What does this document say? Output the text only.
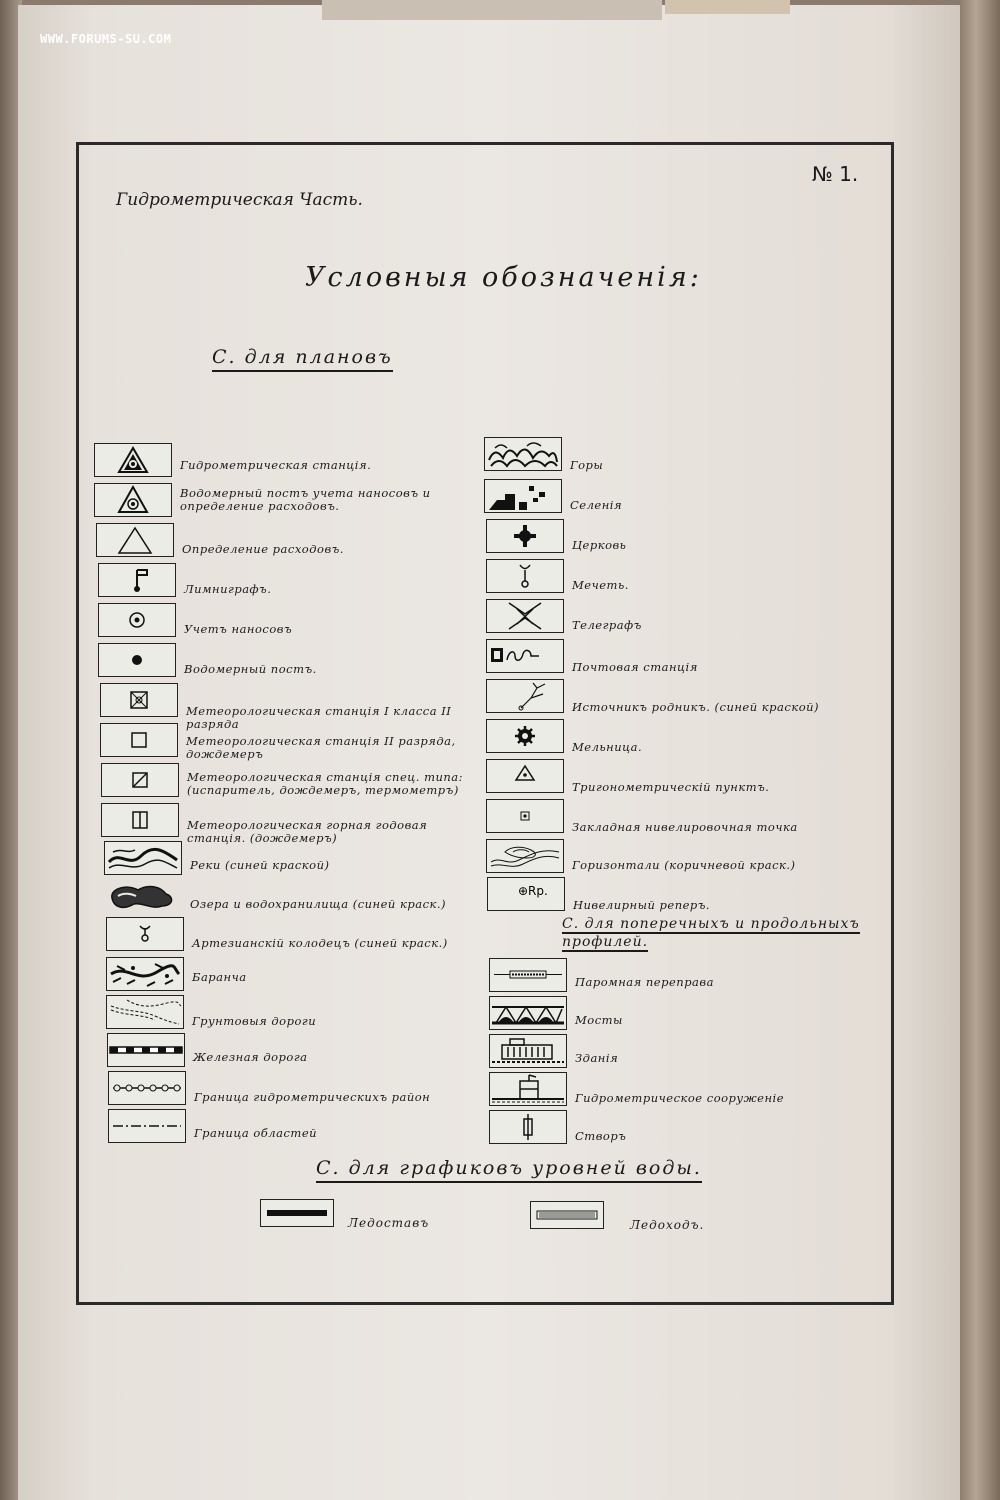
WWW.FORUMS-SU.COM
№ 1.
Гидрометрическая Часть.
Условныя обозначенія:
С. для плановъ
С. для поперечныхъ и продольныхъ профилей.
С. для графиковъ уровней воды.
Гидрометрическая станція.
Водомерный постъ учета наносовъ и определение расходовъ.
Определение расходовъ.
Лимниграфъ.
Учетъ наносовъ
Водомерный постъ.
Метеорологическая станція I класса II разряда
Метеорологическая станція II разряда, дождемеръ
Метеорологическая станція спец. типа: (испаритель, дождемеръ, термометръ)
Метеорологическая горная годовая станція. (дождемеръ)
Реки (синей краской)
Озера и водохранилища (синей краск.)
Артезианскій колодецъ (синей краск.)
Баранча
Грунтовыя дороги
Железная дорога
Граница гидрометрическихъ район
Граница областей
Горы
Селенія
Церковь
Мечеть.
Телеграфъ
Почтовая станція
Источникъ родникъ. (синей краской)
Мельница.
Тригонометрическій пунктъ.
Закладная нивелировочная точка
Горизонтали (коричневой краск.)
⊕Rp.
Нивелирный реперъ.
Паромная переправа
Мосты
Зданія
Гидрометрическое сооруженіе
Створъ
Ледоставъ	Ледоходъ.
